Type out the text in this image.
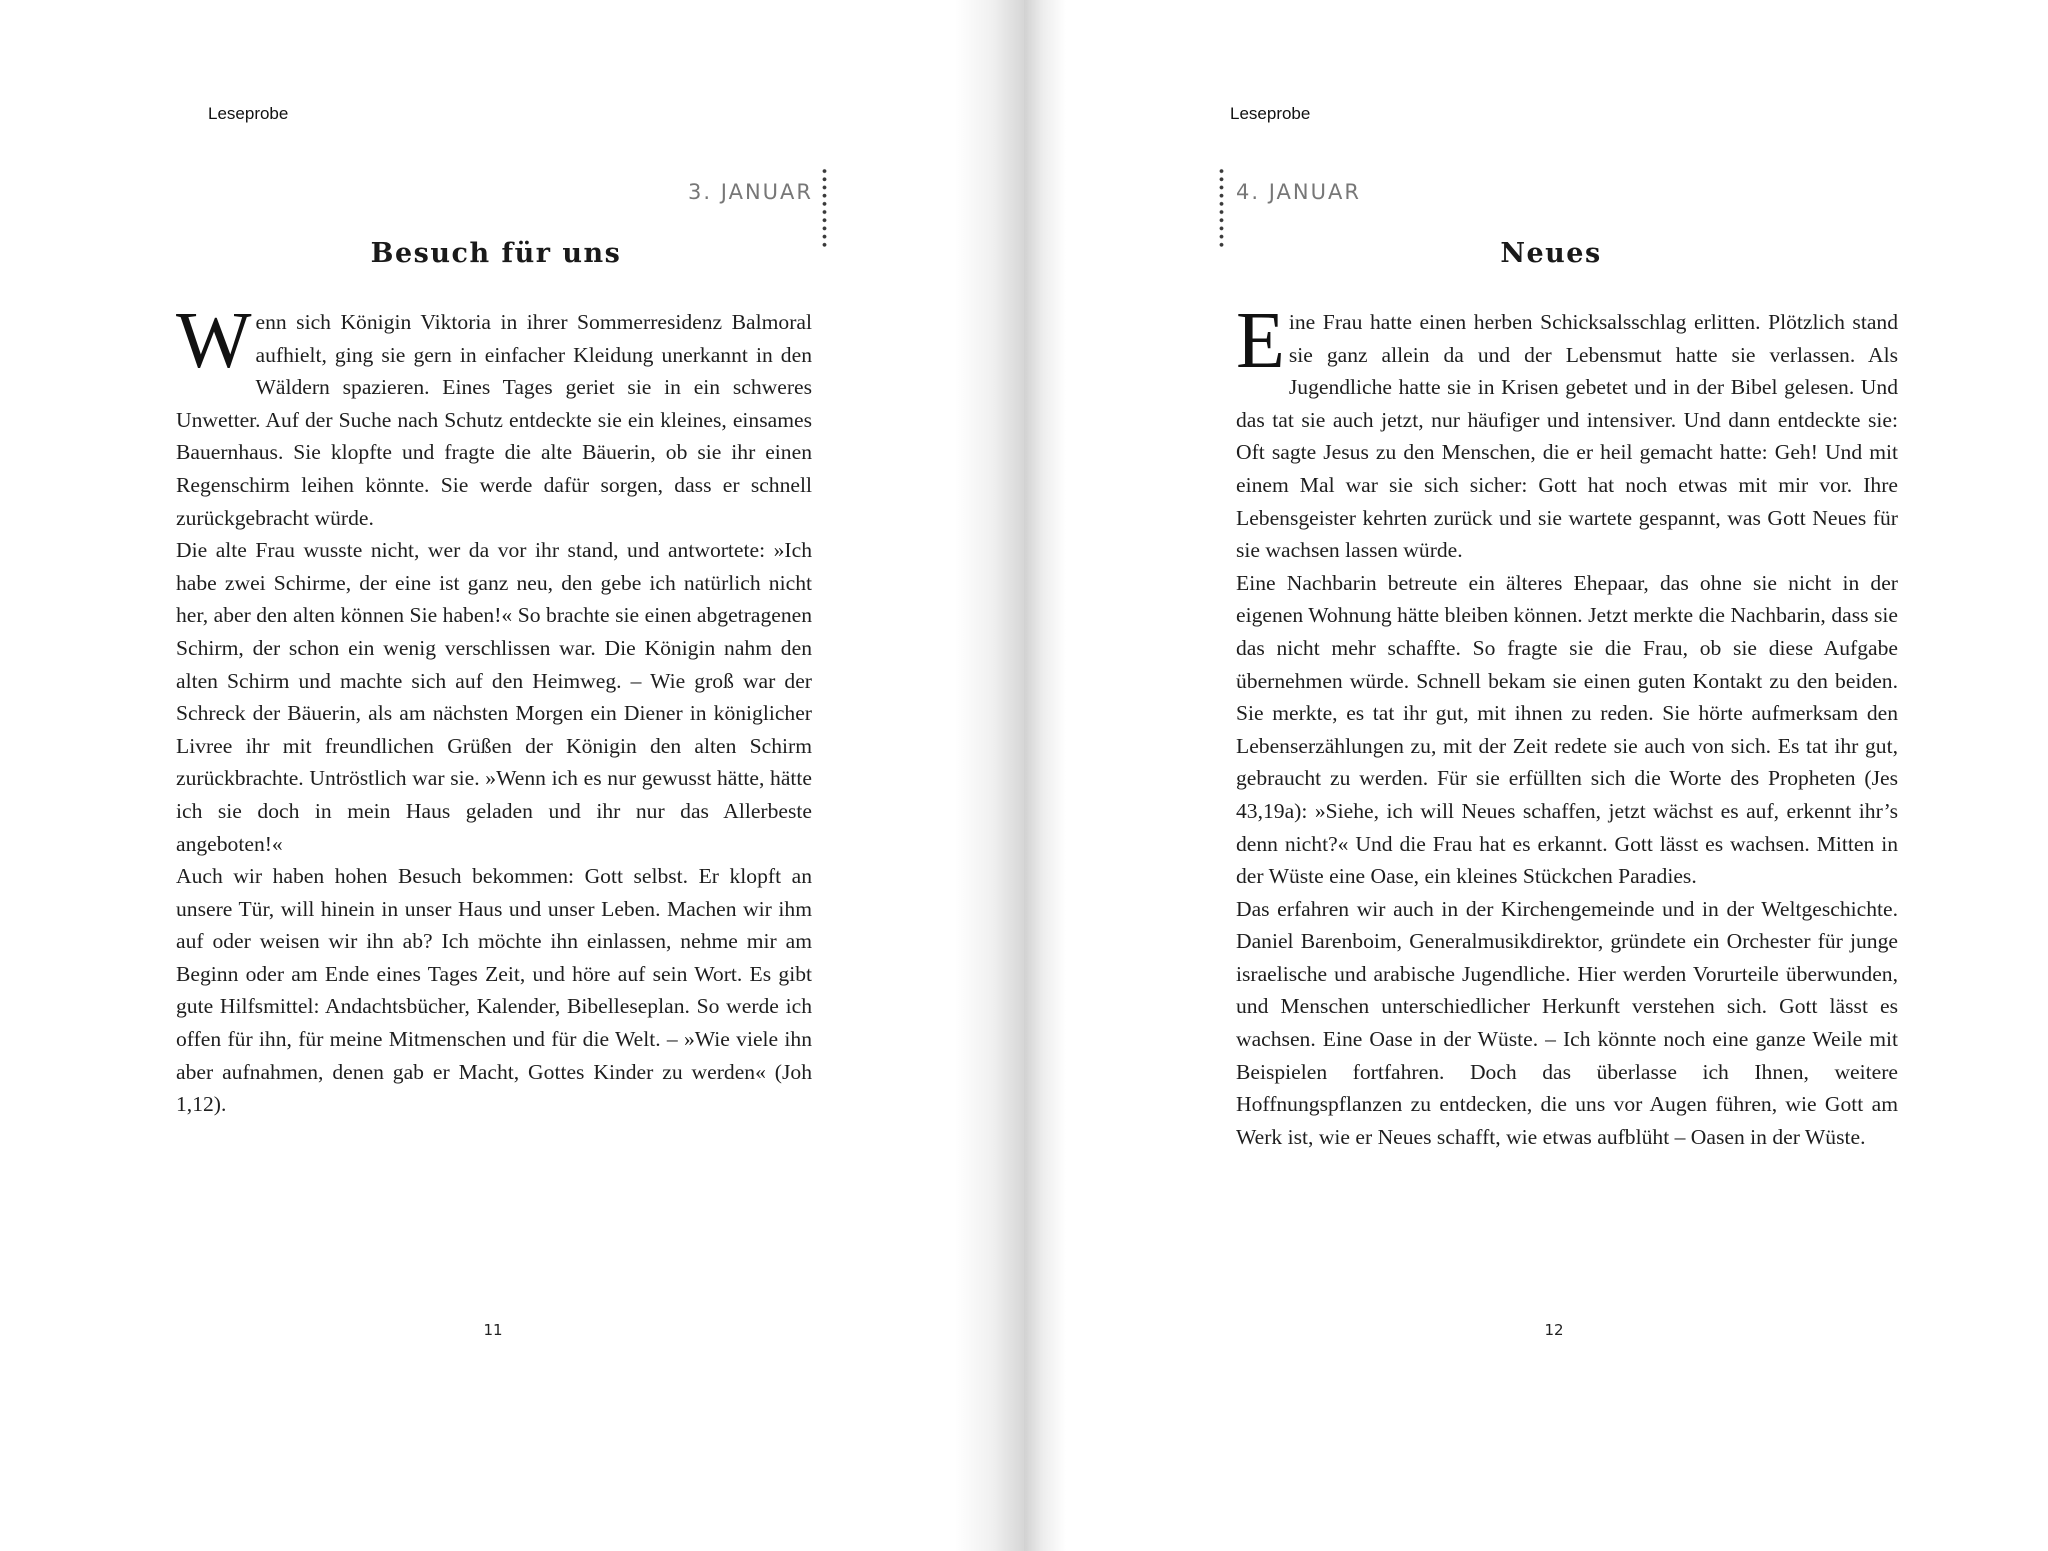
Leseprobe
3. JANUAR
Besuch für uns

Wenn sich Königin Viktoria in ihrer Sommerresidenz Balmoral aufhielt, ging sie gern in einfacher Kleidung unerkannt in den Wäldern spazieren. Eines Tages geriet sie in ein schweres Unwetter. Auf der Suche nach Schutz entdeckte sie ein kleines, einsames Bauernhaus. Sie klopfte und fragte die alte Bäuerin, ob sie ihr einen Regenschirm leihen könnte. Sie werde dafür sorgen, dass er schnell zurückgebracht würde.

Die alte Frau wusste nicht, wer da vor ihr stand, und antwortete: »Ich habe zwei Schirme, der eine ist ganz neu, den gebe ich natürlich nicht her, aber den alten können Sie haben!« So brachte sie einen abgetragenen Schirm, der schon ein wenig verschlissen war. Die Königin nahm den alten Schirm und machte sich auf den Heimweg. – Wie groß war der Schreck der Bäuerin, als am nächsten Morgen ein Diener in königlicher Livree ihr mit freundlichen Grüßen der Königin den alten Schirm zurückbrachte. Untröstlich war sie. »Wenn ich es nur gewusst hätte, hätte ich sie doch in mein Haus geladen und ihr nur das Allerbeste angeboten!«

Auch wir haben hohen Besuch bekommen: Gott selbst. Er klopft an unsere Tür, will hinein in unser Haus und unser Leben. Machen wir ihm auf oder weisen wir ihn ab? Ich möchte ihn einlassen, nehme mir am Beginn oder am Ende eines Tages Zeit, und höre auf sein Wort. Es gibt gute Hilfsmittel: Andachtsbücher, Kalender, Bibelleseplan. So werde ich offen für ihn, für meine Mitmenschen und für die Welt. – »Wie viele ihn aber aufnahmen, denen gab er Macht, Gottes Kinder zu werden« (Joh 1,12).

11
Leseprobe
4. JANUAR
Neues

Eine Frau hatte einen herben Schicksalsschlag erlitten. Plötzlich stand sie ganz allein da und der Lebensmut hatte sie verlassen. Als Jugendliche hatte sie in Krisen gebetet und in der Bibel gelesen. Und das tat sie auch jetzt, nur häufiger und intensiver. Und dann entdeckte sie: Oft sagte Jesus zu den Menschen, die er heil gemacht hatte: Geh! Und mit einem Mal war sie sich sicher: Gott hat noch etwas mit mir vor. Ihre Lebensgeister kehrten zurück und sie wartete gespannt, was Gott Neues für sie wachsen lassen würde.

Eine Nachbarin betreute ein älteres Ehepaar, das ohne sie nicht in der eigenen Wohnung hätte bleiben können. Jetzt merkte die Nachbarin, dass sie das nicht mehr schaffte. So fragte sie die Frau, ob sie diese Aufgabe übernehmen würde. Schnell bekam sie einen guten Kontakt zu den beiden. Sie merkte, es tat ihr gut, mit ihnen zu reden. Sie hörte aufmerksam den Lebenserzählungen zu, mit der Zeit redete sie auch von sich. Es tat ihr gut, gebraucht zu werden. Für sie erfüllten sich die Worte des Propheten (Jes 43,19a): »Siehe, ich will Neues schaffen, jetzt wächst es auf, erkennt ihr’s denn nicht?« Und die Frau hat es erkannt. Gott lässt es wachsen. Mitten in der Wüste eine Oase, ein kleines Stückchen Paradies.

Das erfahren wir auch in der Kirchengemeinde und in der Weltgeschichte. Daniel Barenboim, Generalmusikdirektor, gründete ein Orchester für junge israelische und arabische Jugendliche. Hier werden Vorurteile überwunden, und Menschen unterschiedlicher Herkunft verstehen sich. Gott lässt es wachsen. Eine Oase in der Wüste. – Ich könnte noch eine ganze Weile mit Beispielen fortfahren. Doch das überlasse ich Ihnen, weitere Hoffnungspflanzen zu entdecken, die uns vor Augen führen, wie Gott am Werk ist, wie er Neues schafft, wie etwas aufblüht – Oasen in der Wüste.

12
